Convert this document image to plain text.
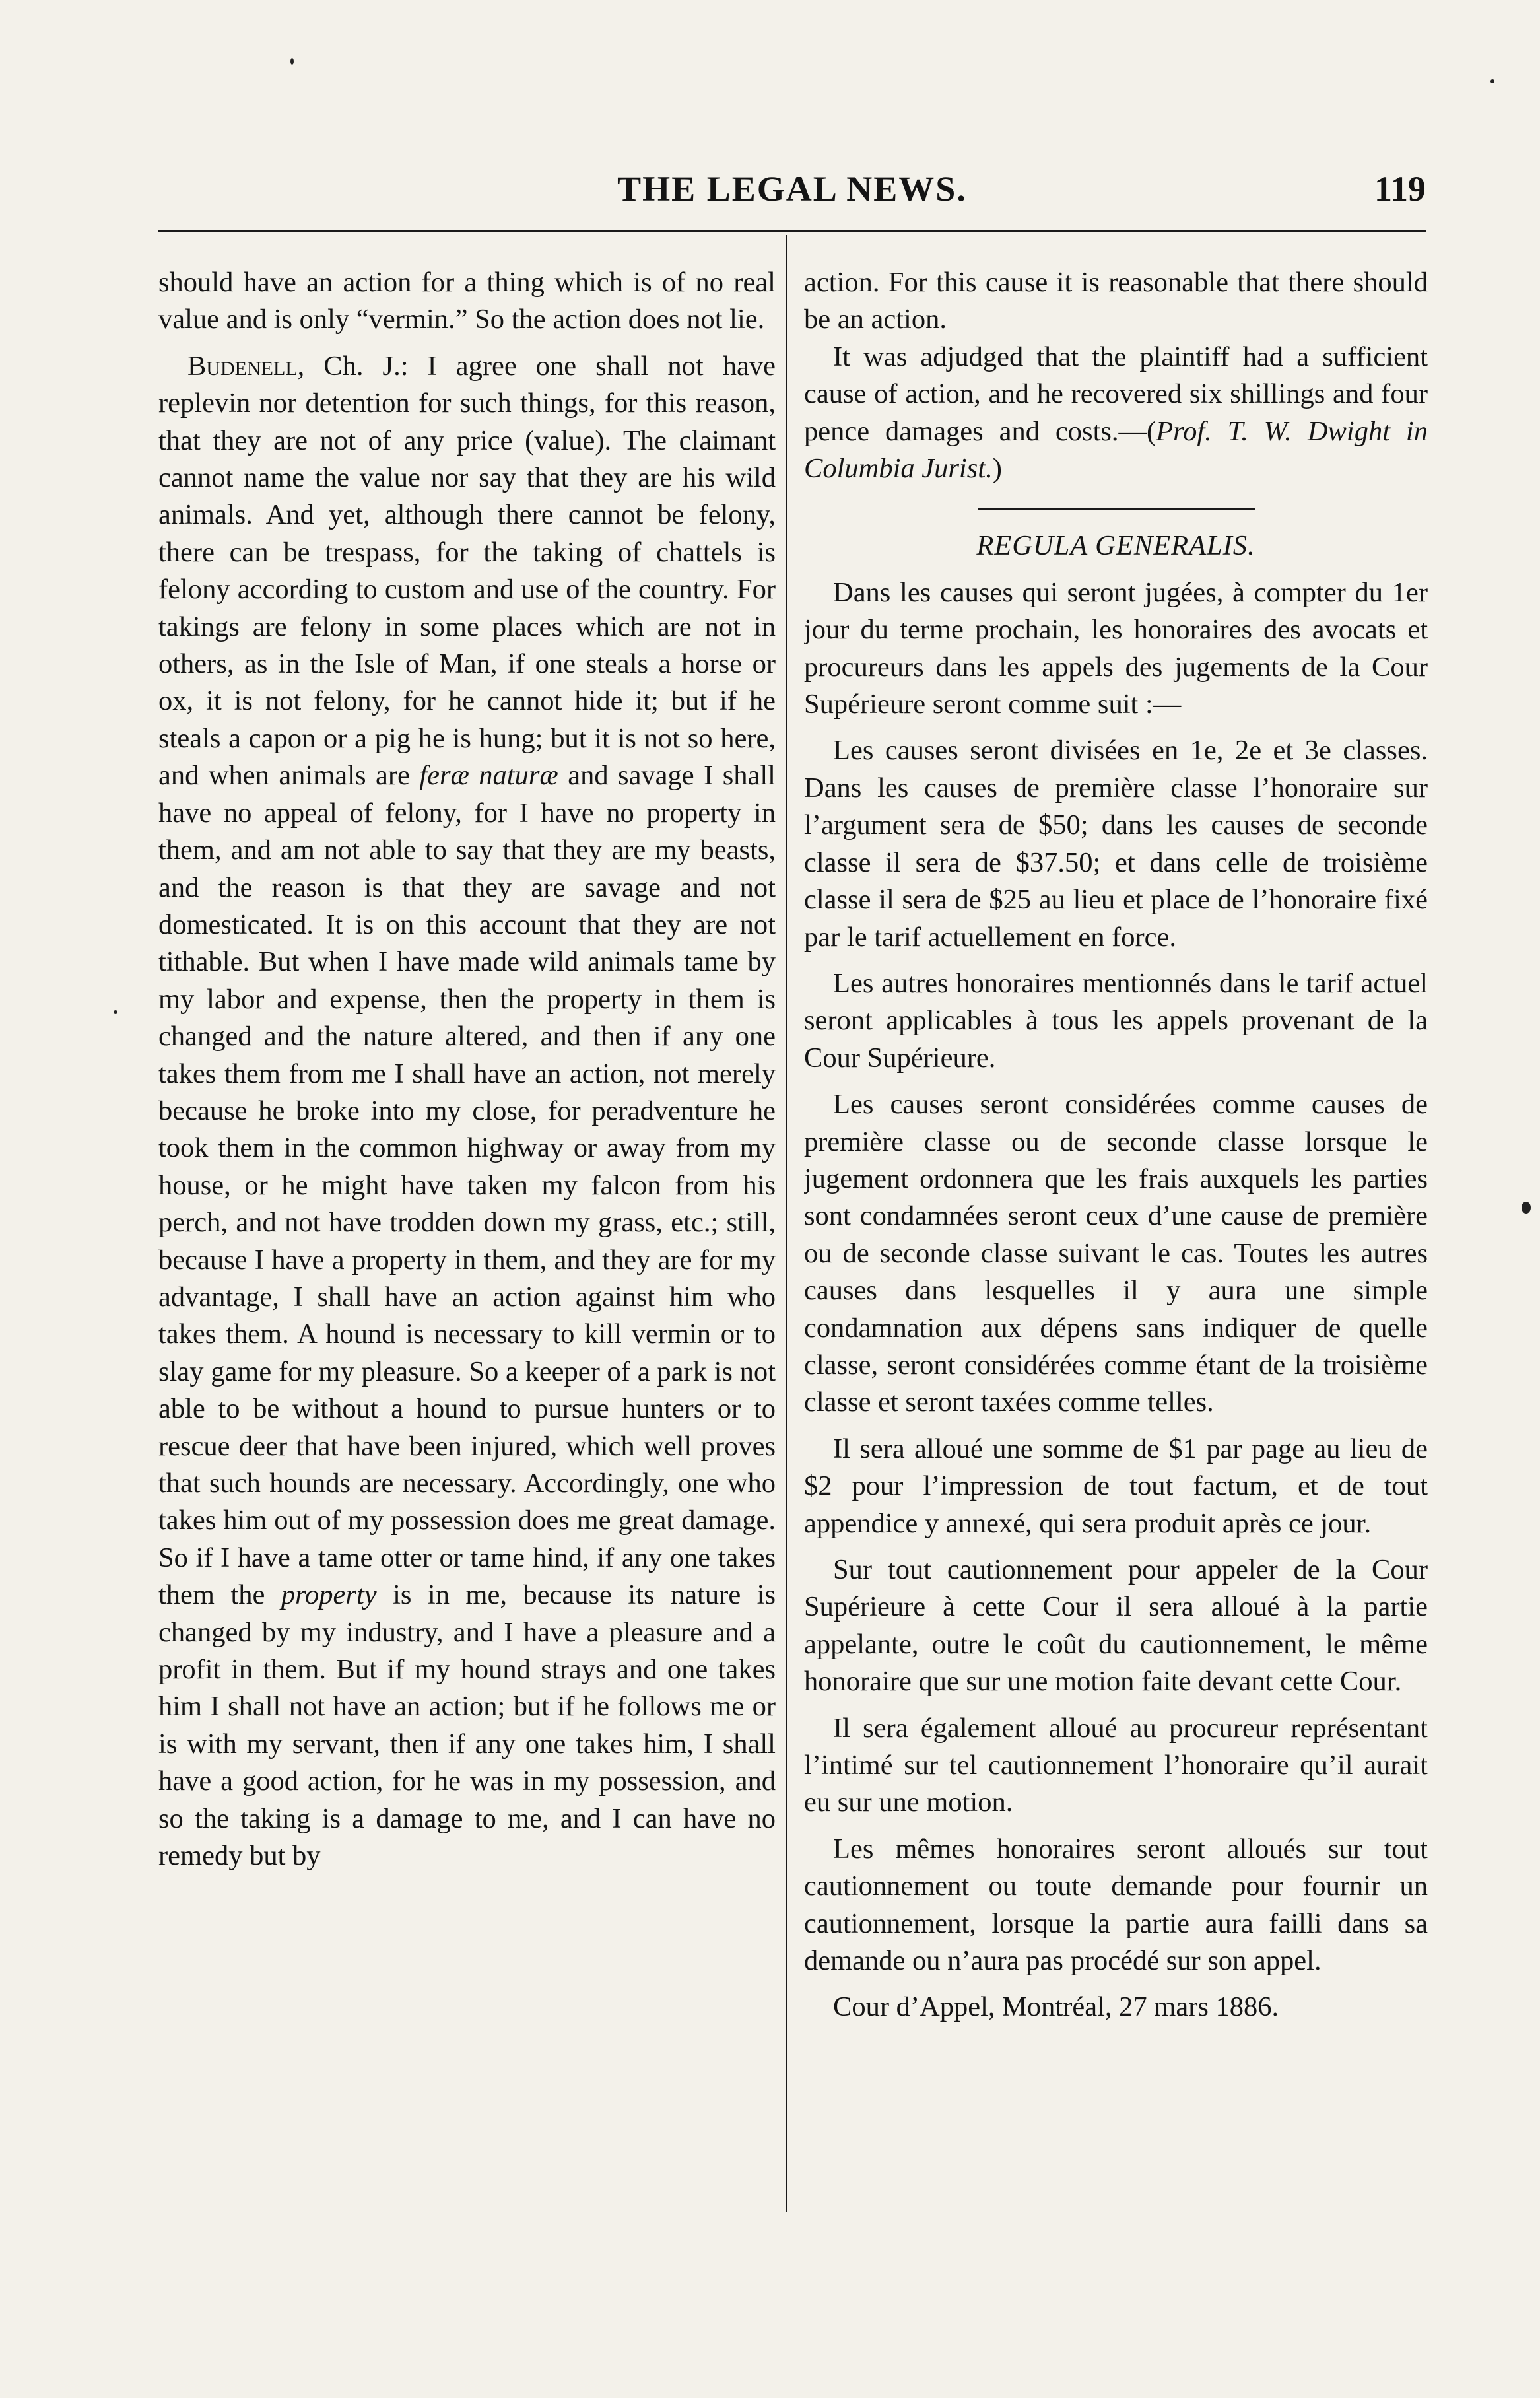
THE LEGAL NEWS.	119

should have an action for a thing which is of no real value and is only “vermin.” So the action does not lie.

Budenell, Ch. J.: I agree one shall not have replevin nor detention for such things, for this reason, that they are not of any price (value). The claimant cannot name the value nor say that they are his wild animals. And yet, although there cannot be felony, there can be trespass, for the taking of chattels is felony according to custom and use of the country. For takings are felony in some places which are not in others, as in the Isle of Man, if one steals a horse or ox, it is not felony, for he cannot hide it; but if he steals a capon or a pig he is hung; but it is not so here, and when animals are feræ naturæ and savage I shall have no appeal of felony, for I have no property in them, and am not able to say that they are my beasts, and the reason is that they are savage and not domesticated. It is on this account that they are not tithable. But when I have made wild animals tame by my labor and expense, then the property in them is changed and the nature altered, and then if any one takes them from me I shall have an action, not merely because he broke into my close, for peradventure he took them in the common highway or away from my house, or he might have taken my falcon from his perch, and not have trodden down my grass, etc.; still, because I have a property in them, and they are for my advantage, I shall have an action against him who takes them. A hound is necessary to kill vermin or to slay game for my pleasure. So a keeper of a park is not able to be without a hound to pursue hunters or to rescue deer that have been injured, which well proves that such hounds are necessary. Accordingly, one who takes him out of my possession does me great damage. So if I have a tame otter or tame hind, if any one takes them the property is in me, because its nature is changed by my industry, and I have a pleasure and a profit in them. But if my hound strays and one takes him I shall not have an action; but if he follows me or is with my servant, then if any one takes him, I shall have a good action, for he was in my possession, and so the taking is a damage to me, and I can have no remedy but by

action. For this cause it is reasonable that there should be an action.

It was adjudged that the plaintiff had a sufficient cause of action, and he recovered six shillings and four pence damages and costs.—(Prof. T. W. Dwight in Columbia Jurist.)

REGULA GENERALIS.

Dans les causes qui seront jugées, à compter du 1er jour du terme prochain, les honoraires des avocats et procureurs dans les appels des jugements de la Cour Supérieure seront comme suit :—

Les causes seront divisées en 1e, 2e et 3e classes. Dans les causes de première classe l’honoraire sur l’argument sera de $50; dans les causes de seconde classe il sera de $37.50; et dans celle de troisième classe il sera de $25 au lieu et place de l’honoraire fixé par le tarif actuellement en force.

Les autres honoraires mentionnés dans le tarif actuel seront applicables à tous les appels provenant de la Cour Supérieure.

Les causes seront considérées comme causes de première classe ou de seconde classe lorsque le jugement ordonnera que les frais auxquels les parties sont condamnées seront ceux d’une cause de première ou de seconde classe suivant le cas. Toutes les autres causes dans lesquelles il y aura une simple condamnation aux dépens sans indiquer de quelle classe, seront considérées comme étant de la troisième classe et seront taxées comme telles.

Il sera alloué une somme de $1 par page au lieu de $2 pour l’impression de tout factum, et de tout appendice y annexé, qui sera produit après ce jour.

Sur tout cautionnement pour appeler de la Cour Supérieure à cette Cour il sera alloué à la partie appelante, outre le coût du cautionnement, le même honoraire que sur une motion faite devant cette Cour.

Il sera également alloué au procureur représentant l’intimé sur tel cautionnement l’honoraire qu’il aurait eu sur une motion.

Les mêmes honoraires seront alloués sur tout cautionnement ou toute demande pour fournir un cautionnement, lorsque la partie aura failli dans sa demande ou n’aura pas procédé sur son appel.

Cour d’Appel, Montréal, 27 mars 1886.
